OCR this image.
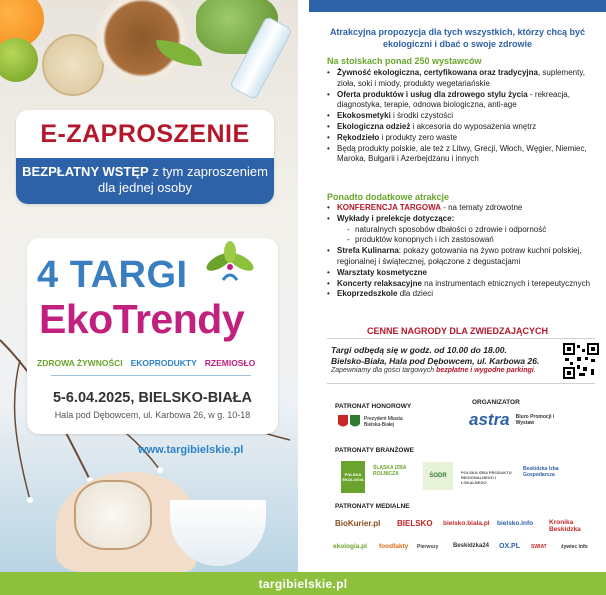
E-ZAPROSZENIE
BEZPŁATNY WSTĘP z tym zaproszeniem
dla jednej osoby
4 TARGI
EkoTrendy
ZDROWA ŻYWNOŚCI EKOPRODUKTY RZEMIOSŁO
5-6.04.2025, BIELSKO-BIAŁA
Hala pod Dębowcem, ul. Karbowa 26, w g. 10-18
www.targibielskie.pl
Atrakcyjna propozycja dla tych wszystkich, którzy chcą być ekologiczni i dbać o swoje zdrowie
Na stoiskach ponad 250 wystawców
• Żywność ekologiczna, certyfikowana oraz tradycyjna, suplementy, zioła, soki i miody, produkty wegetariańskie
• Oferta produktów i usług dla zdrowego stylu życia - rekreacja, diagnostyka, terapie, odnowa biologiczna, anti-age
• Ekokosmetyki i środki czystości
• Ekologiczna odzież i akcesoria do wyposażenia wnętrz
• Rękodzieło i produkty zero waste
• Będą produkty polskie, ale też z Litwy, Grecji, Włoch, Węgier, Niemiec, Maroka, Bułgarii i Azerbejdżanu i innych
Ponadto dodatkowe atrakcje
• KONFERENCJA TARGOWA - na tematy zdrowotne
• Wykłady i prelekcje dotyczące:
- naturalnych sposobów dbałości o zdrowie i odporność
- produktów konopnych i ich zastosowań
• Strefa Kulinarna: pokazy gotowania na żywo potraw kuchni polskiej, regionalnej i świątecznej, połączone z degustacjami
• Warsztaty kosmetyczne
• Koncerty relaksacyjne na instrumentach etnicznych i terepeutycznych
• Ekoprzedszkole dla dzieci
CENNE NAGRODY DLA ZWIEDZAJĄCYCH
Targi odbędą się w godz. od 10.00 do 18.00.
Bielsko-Biała, Hala pod Dębowcem, ul. Karbowa 26.
Zapewniamy dla gości targowych bezpłatne i wygodne parkingi.
PATRONAT HONOROWY
Prezydent Miasta Bielska-Białej
ORGANIZATOR
astra Biuro Promocji i Wystaw
PATRONATY BRANŻOWE
POLSKA EKOLOGIA
ŚLĄSKA IZBA ROLNICZA	ŚODR
POLSKA IZBA PRODUKTU REGIONALNEGO I LOKALNEGO
Beskidzka Izba Gospodarcza
PATRONATY MEDIALNE
BioKurier.pl BIELSKO bielsko.biala.pl bielsko.info Kronika Beskidzka
ekologia.pl foodfakty Pierwszy Beskidzka24 OX.PL SWIAT	żywiec info
targibielskie.pl
